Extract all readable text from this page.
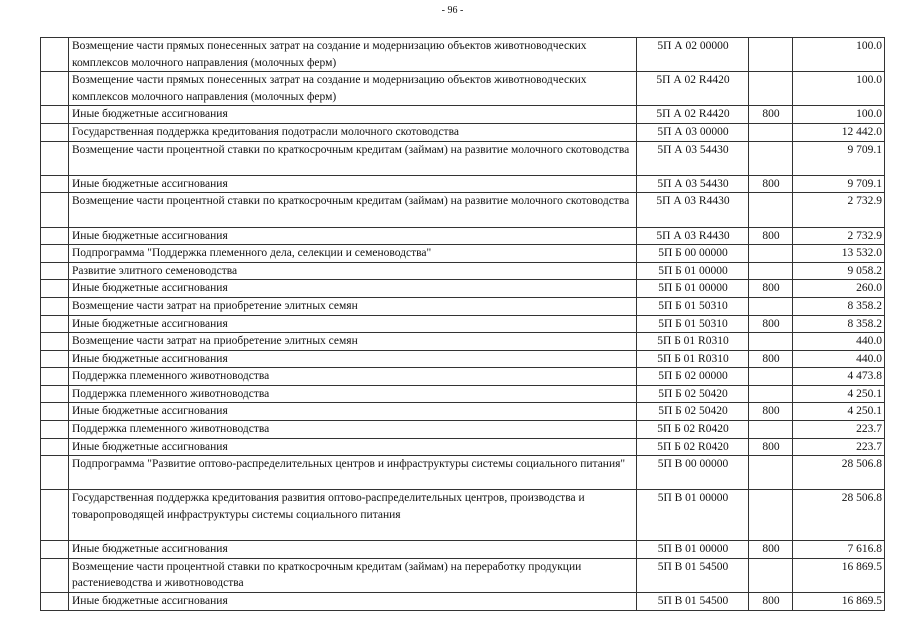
- 96 -
	Возмещение части прямых понесенных затрат на создание и модернизацию объектов животноводческих комплексов молочного направления (молочных ферм)	5П А 02 00000		100.0
	Возмещение части прямых понесенных затрат на создание и модернизацию объектов животноводческих комплексов молочного направления (молочных ферм)	5П А 02 R4420		100.0
	Иные бюджетные ассигнования	5П А 02 R4420	800	100.0
	Государственная поддержка кредитования подотрасли молочного скотоводства	5П А 03 00000		12 442.0
	Возмещение части процентной ставки по краткосрочным кредитам (займам) на развитие молочного скотоводства	5П А 03 54430		9 709.1
	Иные бюджетные ассигнования	5П А 03 54430	800	9 709.1
	Возмещение части процентной ставки по краткосрочным кредитам (займам) на развитие молочного скотоводства	5П А 03 R4430		2 732.9
	Иные бюджетные ассигнования	5П А 03 R4430	800	2 732.9
	Подпрограмма "Поддержка племенного дела, селекции и семеноводства"	5П Б 00 00000		13 532.0
	Развитие элитного семеноводства	5П Б 01 00000		9 058.2
	Иные бюджетные ассигнования	5П Б 01 00000	800	260.0
	Возмещение части затрат на приобретение элитных семян	5П Б 01 50310		8 358.2
	Иные бюджетные ассигнования	5П Б 01 50310	800	8 358.2
	Возмещение части затрат на приобретение элитных семян	5П Б 01 R0310		440.0
	Иные бюджетные ассигнования	5П Б 01 R0310	800	440.0
	Поддержка племенного животноводства	5П Б 02 00000		4 473.8
	Поддержка племенного животноводства	5П Б 02 50420		4 250.1
	Иные бюджетные ассигнования	5П Б 02 50420	800	4 250.1
	Поддержка племенного животноводства	5П Б 02 R0420		223.7
	Иные бюджетные ассигнования	5П Б 02 R0420	800	223.7
	Подпрограмма "Развитие оптово-распределительных центров и инфраструктуры системы социального питания"	5П В 00 00000		28 506.8
	Государственная поддержка кредитования развития оптово-распределительных центров, производства и товаропроводящей инфраструктуры системы социального питания	5П В 01 00000		28 506.8
	Иные бюджетные ассигнования	5П В 01 00000	800	7 616.8
	Возмещение части процентной ставки по краткосрочным кредитам (займам) на переработку продукции растениеводства и животноводства	5П В 01 54500		16 869.5
	Иные бюджетные ассигнования	5П В 01 54500	800	16 869.5
